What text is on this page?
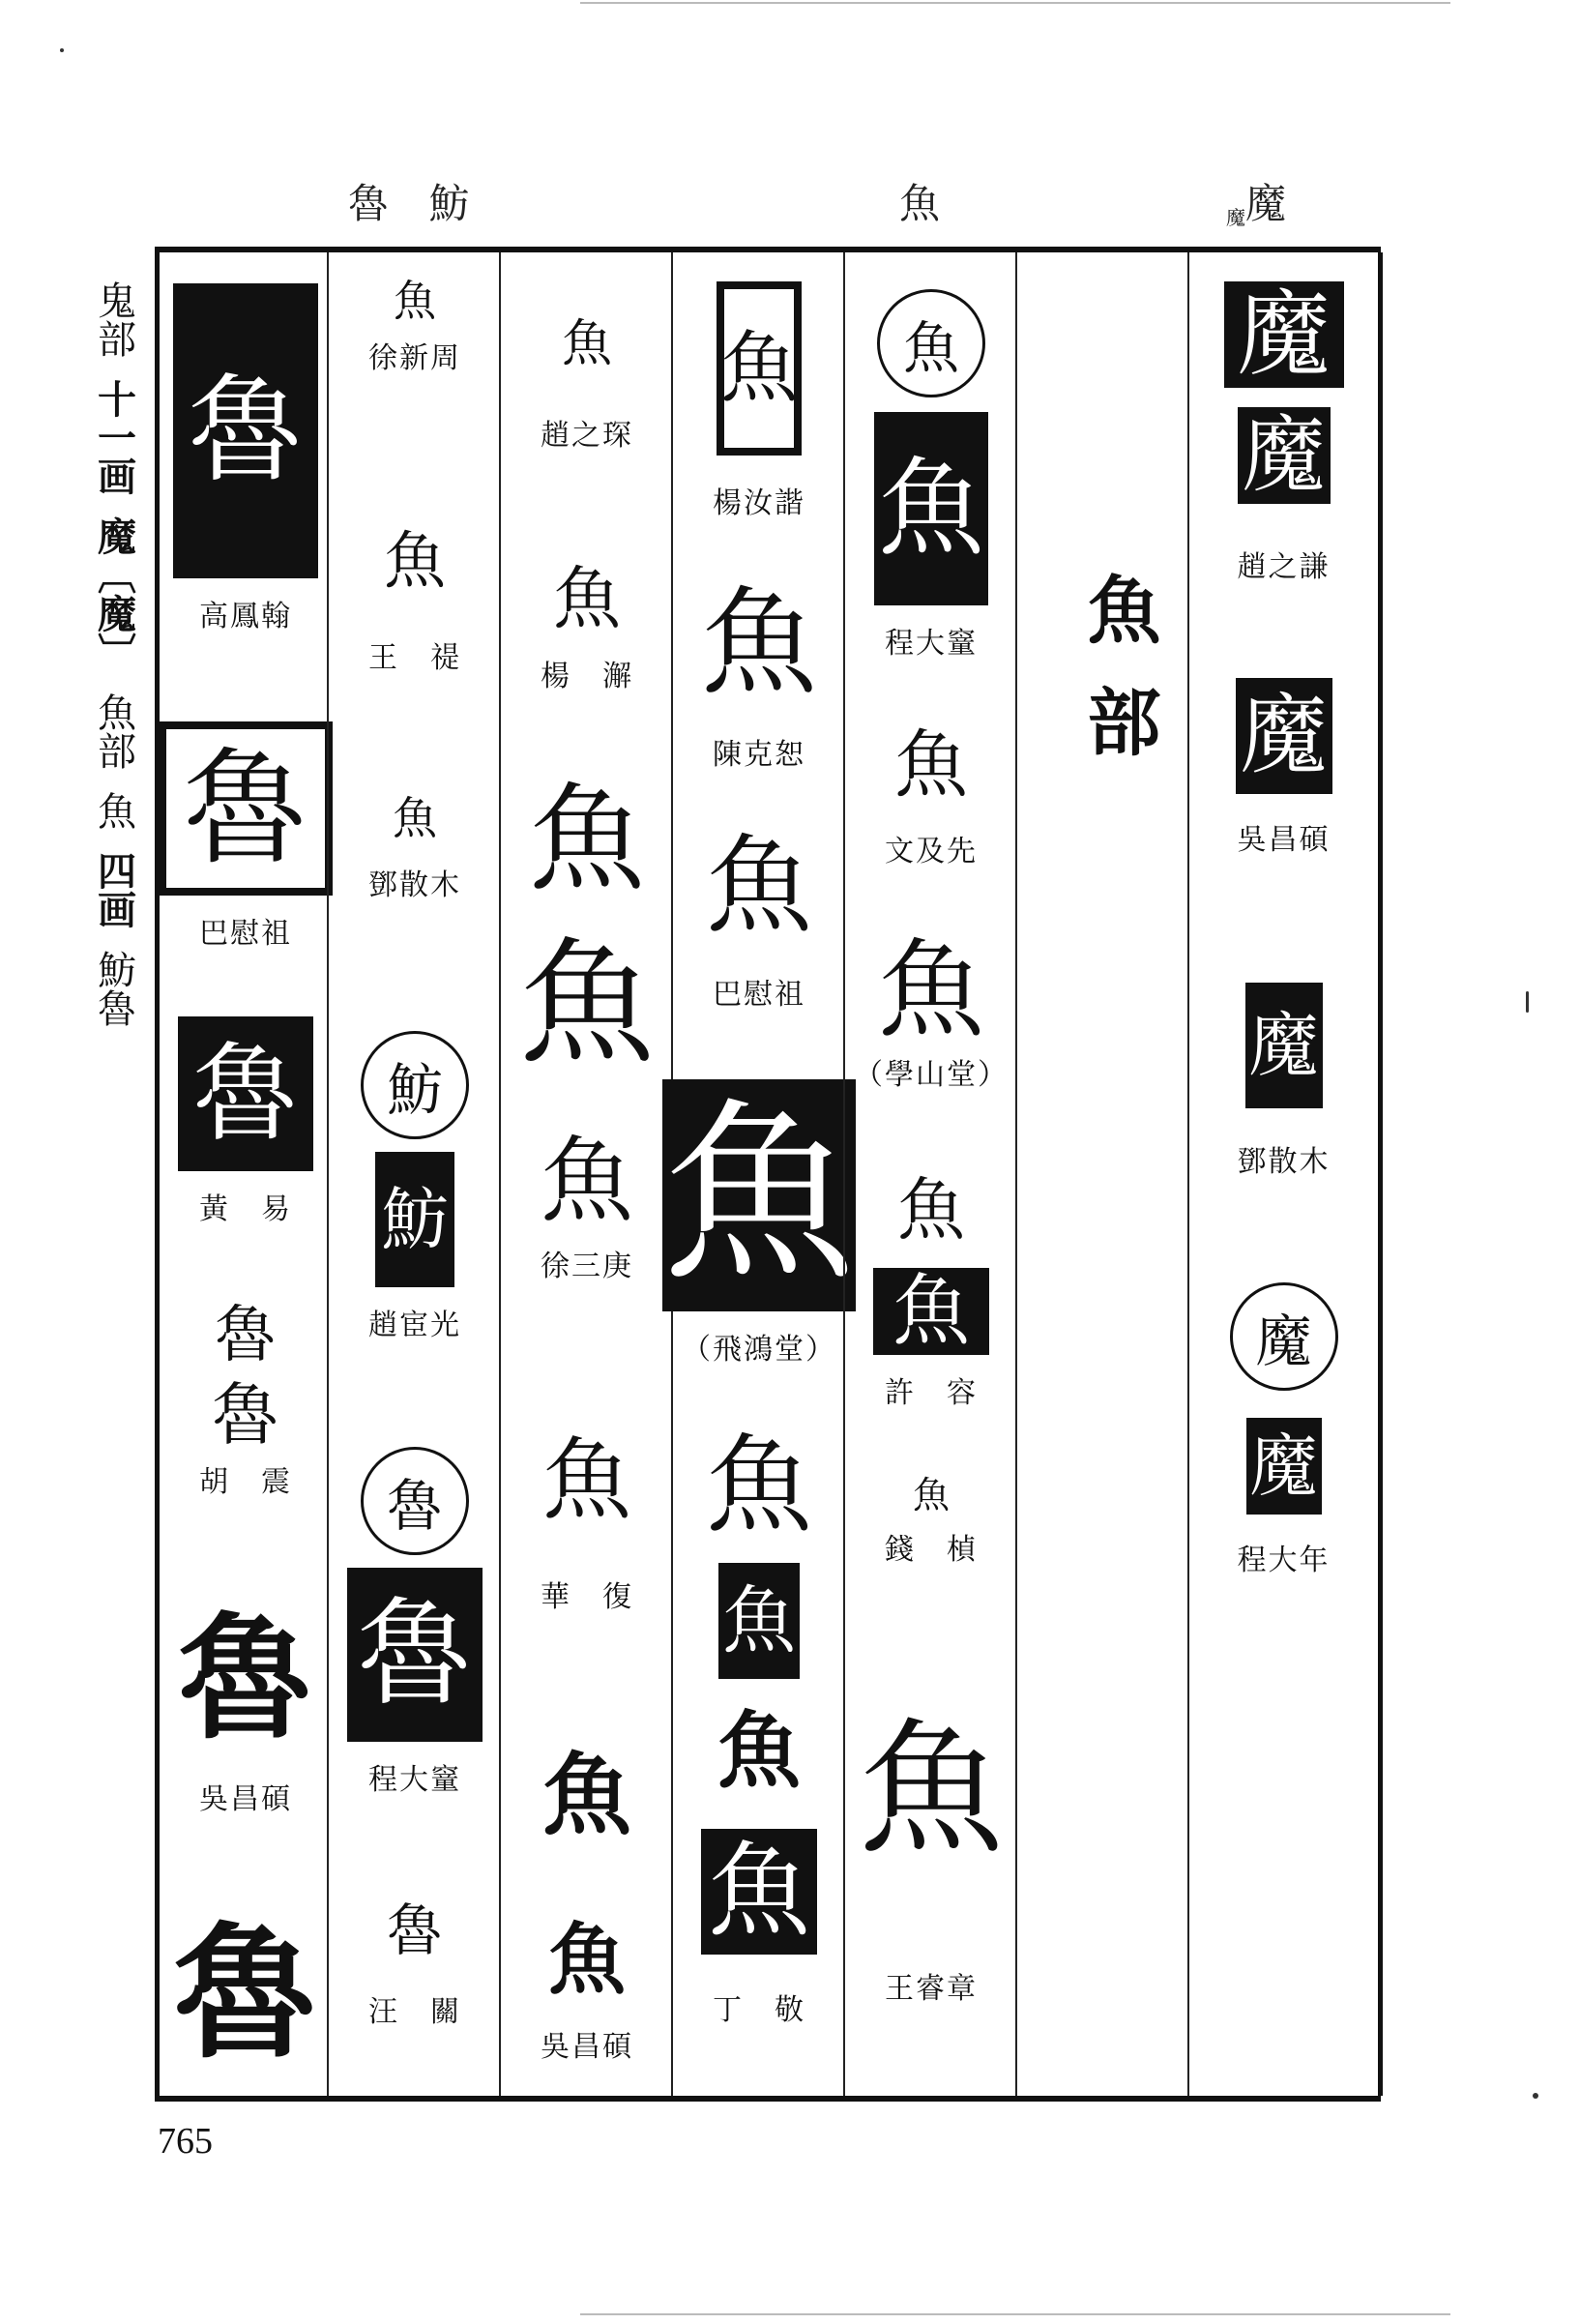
魯 魴	魚	魔魔
鬼部
十一画
魔〔魔〕
魚部
魚
四画
魴魯
魯
高鳳翰
魯
巴慰祖
魯
黃　易
魯
魯
胡　震
魯
吳昌碩
魯
魚
徐新周
魚
王　禔
魚
鄧散木
魴
魴
趙宦光
魯
魯
程大䆹
魯
汪　關
魚
趙之琛
魚
楊　澥
魚
魚
魚
徐三庚
魚
華　復
魚
魚
吳昌碩
魚
楊汝諧
魚
陳克恕
魚
巴慰祖
魚
（飛鴻堂）
魚
魚
魚
魚
丁　敬
魚
魚
程大䆹
魚
文及先
魚
（學山堂）
魚
魚
許　容
魚
錢　楨
魚
王睿章
魚部
魔
魔
趙之謙
魔
吳昌碩
魔
鄧散木
魔
魔
程大年
765
